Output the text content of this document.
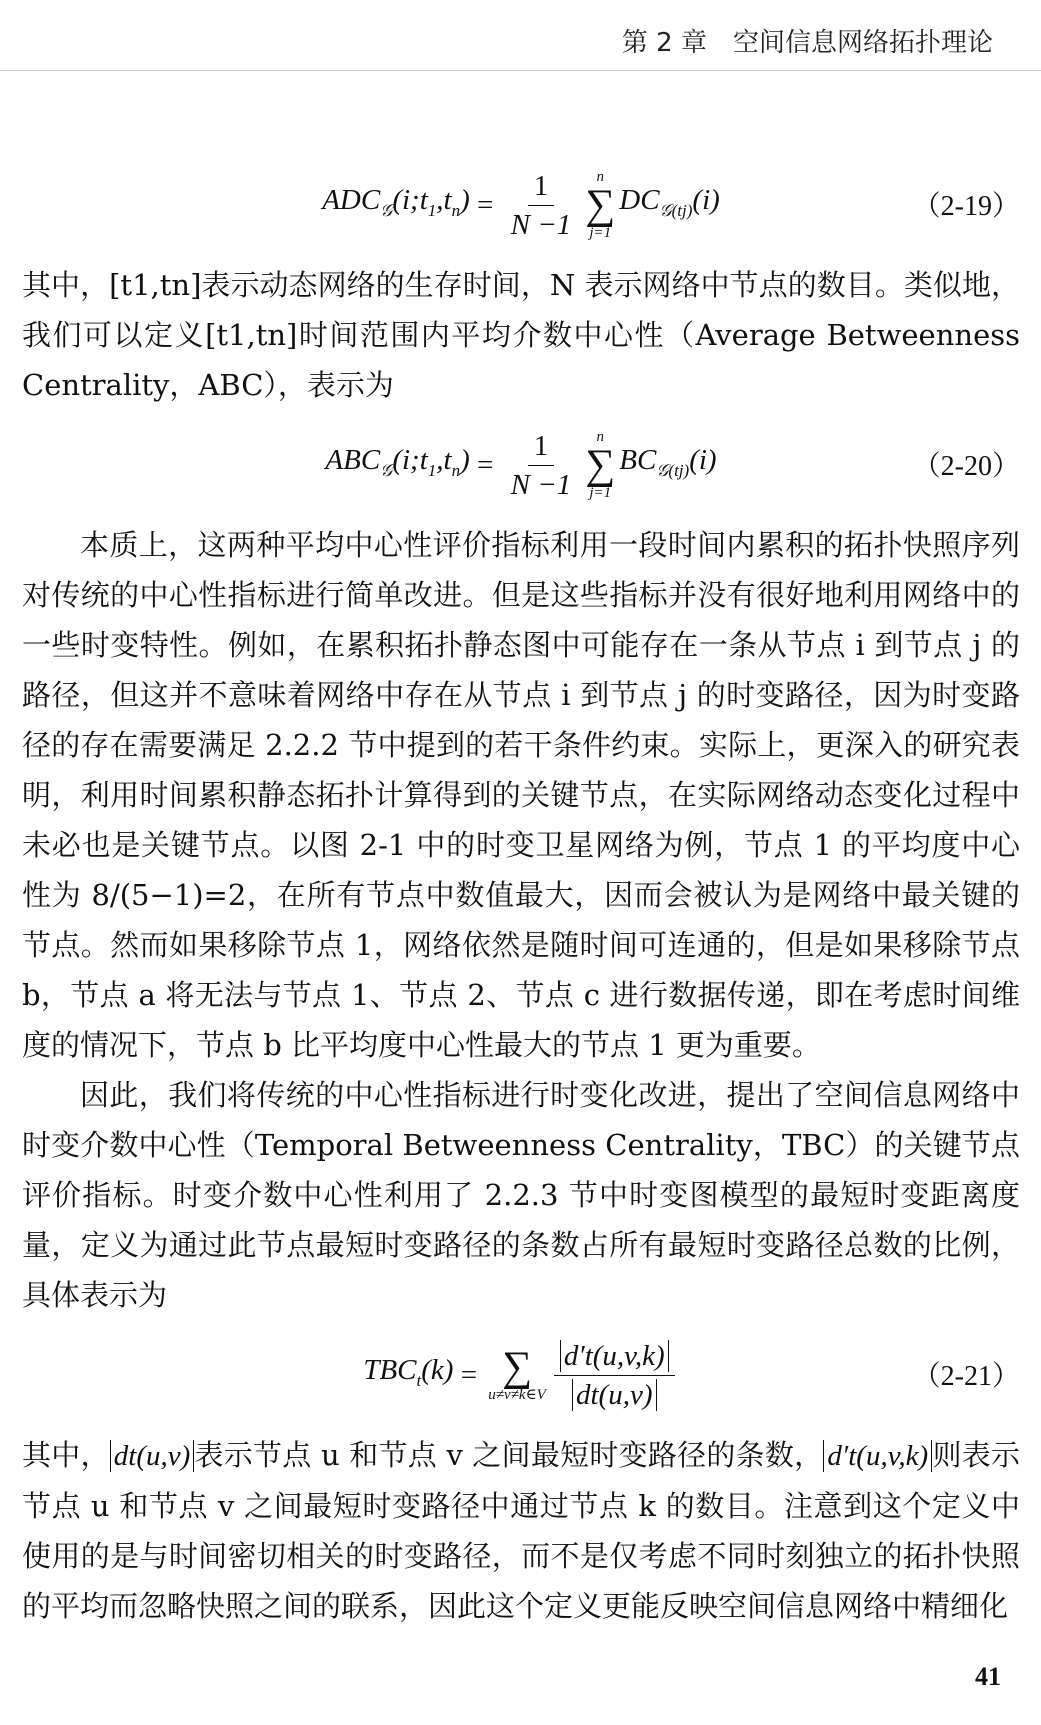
第 2 章　空间信息网络拓扑理论
$ADC_𝒢(i;t_1,t_n) = \frac{1}{N -1}$ n
∑
j=1
$DC_{𝒢(tj)}(i)$	（2-19）

其中，[t1,tn]表示动态网络的生存时间，N 表示网络中节点的数目。类似地，我们可以定义[t1,tn]时间范围内平均介数中心性（Average Betweenness Centrality，ABC），表示为

$ABC_𝒢(i;t_1,t_n) = \frac{1}{N -1}$ n
∑
j=1
$BC_{𝒢(tj)}(i)$	（2-20）

本质上，这两种平均中心性评价指标利用一段时间内累积的拓扑快照序列对传统的中心性指标进行简单改进。但是这些指标并没有很好地利用网络中的一些时变特性。例如，在累积拓扑静态图中可能存在一条从节点 i 到节点 j 的路径，但这并不意味着网络中存在从节点 i 到节点 j 的时变路径，因为时变路径的存在需要满足 2.2.2 节中提到的若干条件约束。实际上，更深入的研究表明，利用时间累积静态拓扑计算得到的关键节点，在实际网络动态变化过程中未必也是关键节点。以图 2-1 中的时变卫星网络为例，节点 1 的平均度中心性为 8/(5−1)=2，在所有节点中数值最大，因而会被认为是网络中最关键的节点。然而如果移除节点 1，网络依然是随时间可连通的，但是如果移除节点 b，节点 a 将无法与节点 1、节点 2、节点 c 进行数据传递，即在考虑时间维度的情况下，节点 b 比平均度中心性最大的节点 1 更为重要。

因此，我们将传统的中心性指标进行时变化改进，提出了空间信息网络中时变介数中心性（Temporal Betweenness Centrality，TBC）的关键节点评价指标。时变介数中心性利用了 2.2.3 节中时变图模型的最短时变距离度量，定义为通过此节点最短时变路径的条数占所有最短时变路径总数的比例，具体表示为

$TBC_t(k)$ = ∑
u≠v≠k∈V $\frac{d't(u,v,k)}{dt(u,v)}$	（2-21）

其中， dt(u,v) 表示节点 u 和节点 v 之间最短时变路径的条数， d′t(u,v,k) 则表示节点 u 和节点 v 之间最短时变路径中通过节点 k 的数目。注意到这个定义中使用的是与时间密切相关的时变路径，而不是仅考虑不同时刻独立的拓扑快照的平均而忽略快照之间的联系，因此这个定义更能反映空间信息网络中精细化

41
